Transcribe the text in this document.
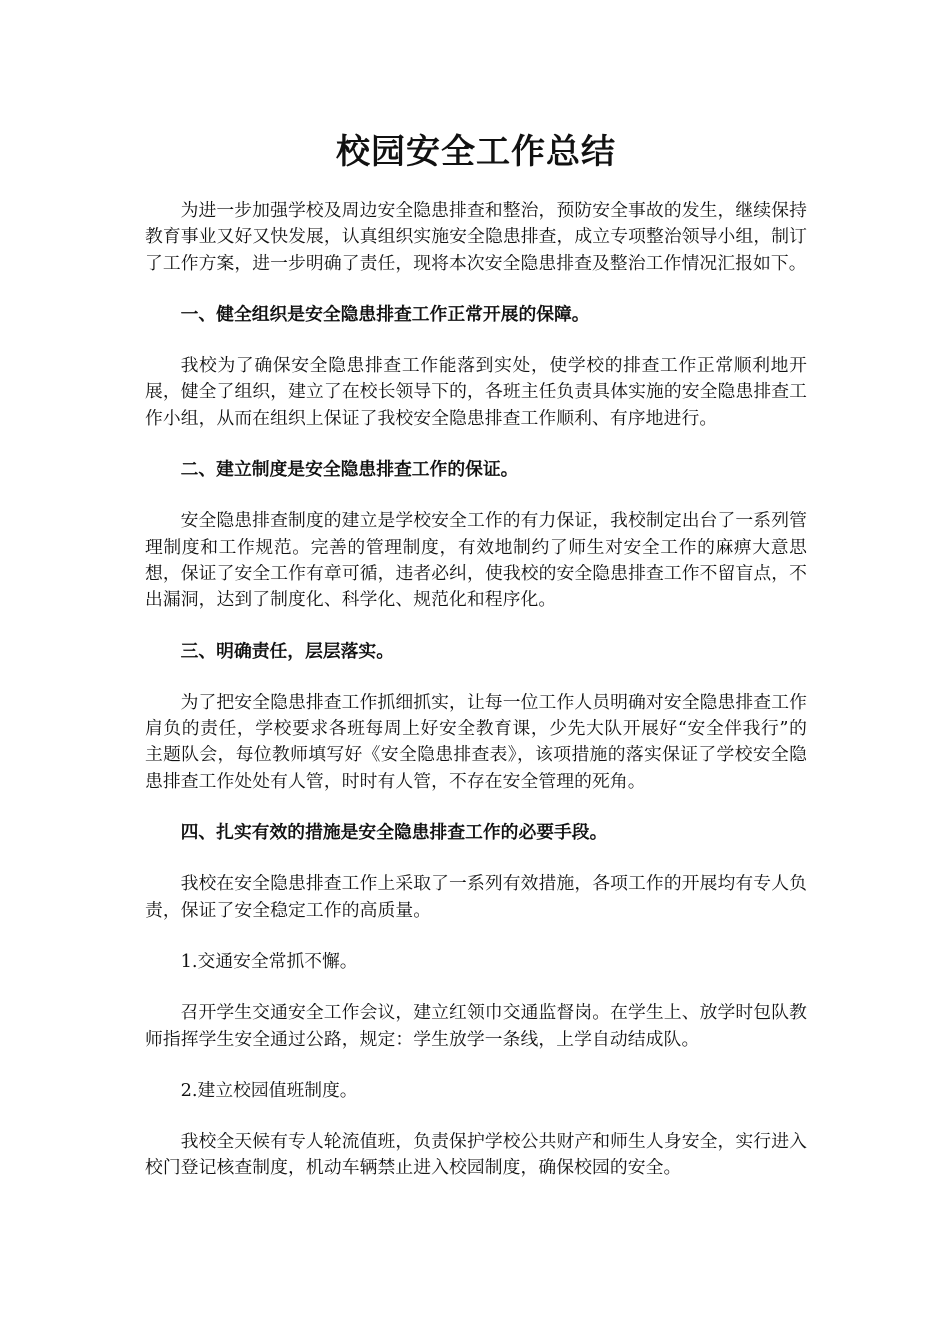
校园安全工作总结

为进一步加强学校及周边安全隐患排查和整治，预防安全事故的发生，继续保持教育事业又好又快发展，认真组织实施安全隐患排查，成立专项整治领导小组，制订了工作方案，进一步明确了责任，现将本次安全隐患排查及整治工作情况汇报如下。

一、健全组织是安全隐患排查工作正常开展的保障。

我校为了确保安全隐患排查工作能落到实处，使学校的排查工作正常顺利地开展，健全了组织，建立了在校长领导下的，各班主任负责具体实施的安全隐患排查工作小组，从而在组织上保证了我校安全隐患排查工作顺利、有序地进行。

二、建立制度是安全隐患排查工作的保证。

安全隐患排查制度的建立是学校安全工作的有力保证，我校制定出台了一系列管理制度和工作规范。完善的管理制度，有效地制约了师生对安全工作的麻痹大意思想，保证了安全工作有章可循，违者必纠，使我校的安全隐患排查工作不留盲点，不出漏洞，达到了制度化、科学化、规范化和程序化。

三、明确责任，层层落实。

为了把安全隐患排查工作抓细抓实，让每一位工作人员明确对安全隐患排查工作肩负的责任，学校要求各班每周上好安全教育课，少先大队开展好“安全伴我行”的主题队会，每位教师填写好《安全隐患排查表》，该项措施的落实保证了学校安全隐患排查工作处处有人管，时时有人管，不存在安全管理的死角。

四、扎实有效的措施是安全隐患排查工作的必要手段。

我校在安全隐患排查工作上采取了一系列有效措施，各项工作的开展均有专人负责，保证了安全稳定工作的高质量。

1.交通安全常抓不懈。

召开学生交通安全工作会议，建立红领巾交通监督岗。在学生上、放学时包队教师指挥学生安全通过公路，规定：学生放学一条线，上学自动结成队。

2.建立校园值班制度。

我校全天候有专人轮流值班，负责保护学校公共财产和师生人身安全，实行进入校门登记核查制度，机动车辆禁止进入校园制度，确保校园的安全。
